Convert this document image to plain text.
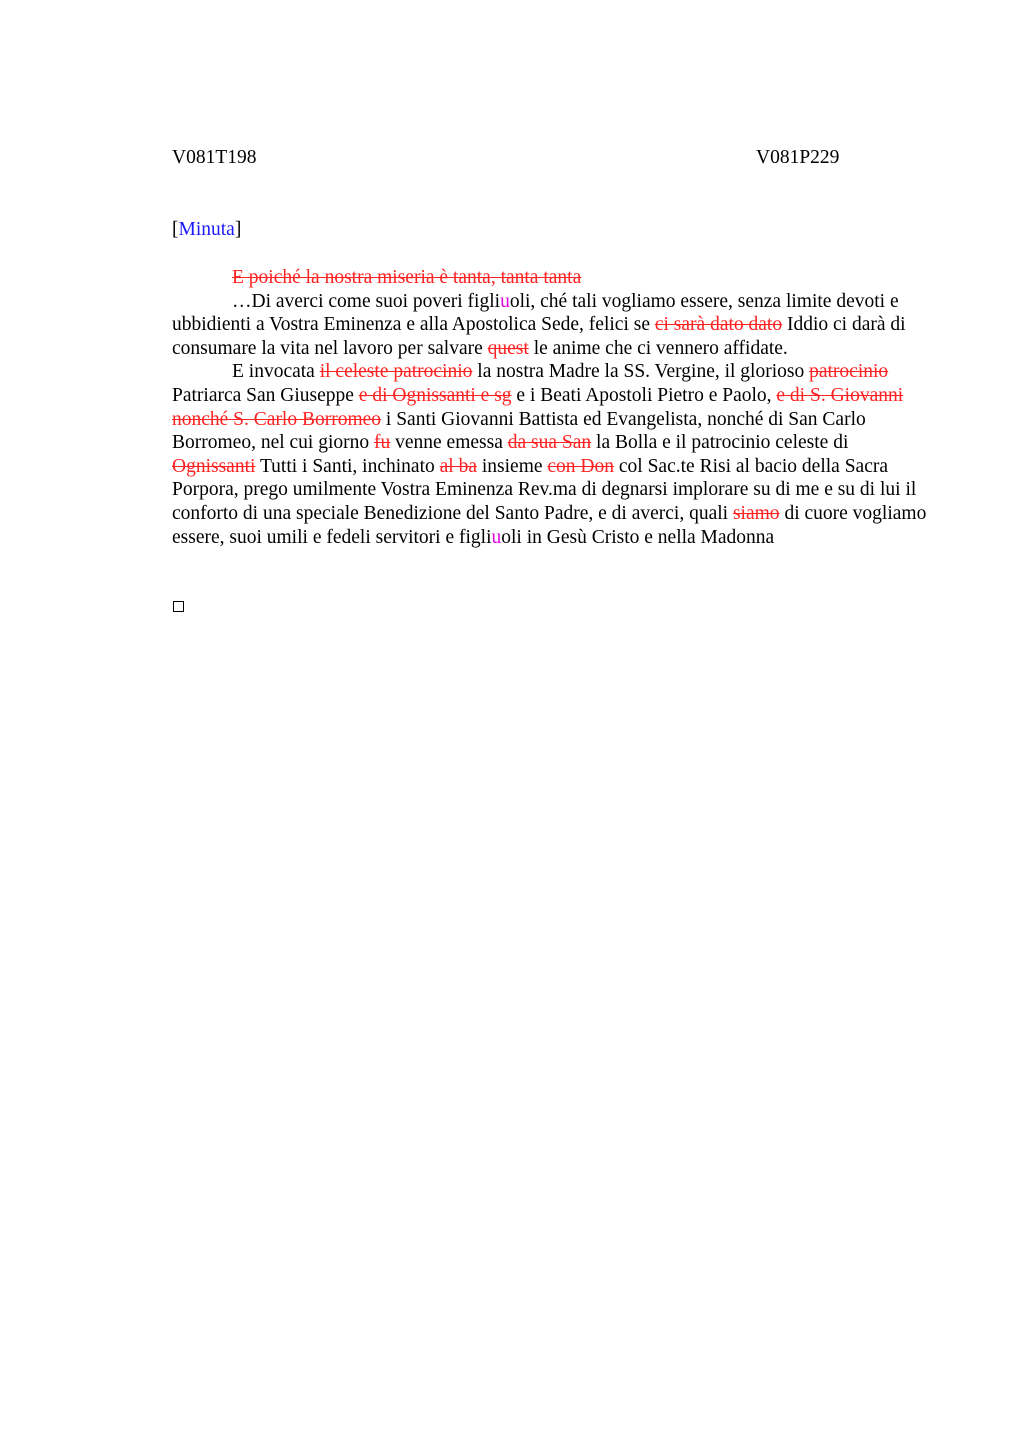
V081T198	V081P229
[Minuta]

E poiché la nostra miseria è tanta, tanta tanta

…Di averci come suoi poveri figliuoli, ché tali vogliamo essere, senza limite devoti e ubbidienti a Vostra Eminenza e alla Apostolica Sede, felici se ci sarà dato dato Iddio ci darà di consumare la vita nel lavoro per salvare quest le anime che ci vennero affidate.

E invocata il celeste patrocinio la nostra Madre la SS. Vergine, il glorioso patrocinio Patriarca San Giuseppe e di Ognissanti e sg e i Beati Apostoli Pietro e Paolo, e di S. Giovanni nonché S. Carlo Borromeo i Santi Giovanni Battista ed Evangelista, nonché di San Carlo Borromeo, nel cui giorno fu venne emessa da sua San la Bolla e il patrocinio celeste di Ognissanti Tutti i Santi, inchinato al ba insieme con Don col Sac.te Risi al bacio della Sacra Porpora, prego umilmente Vostra Eminenza Rev.ma di degnarsi implorare su di me e su di lui il conforto di una speciale Benedizione del Santo Padre, e di averci, quali siamo di cuore vogliamo essere, suoi umili e fedeli servitori e figliuoli in Gesù Cristo e nella Madonna
